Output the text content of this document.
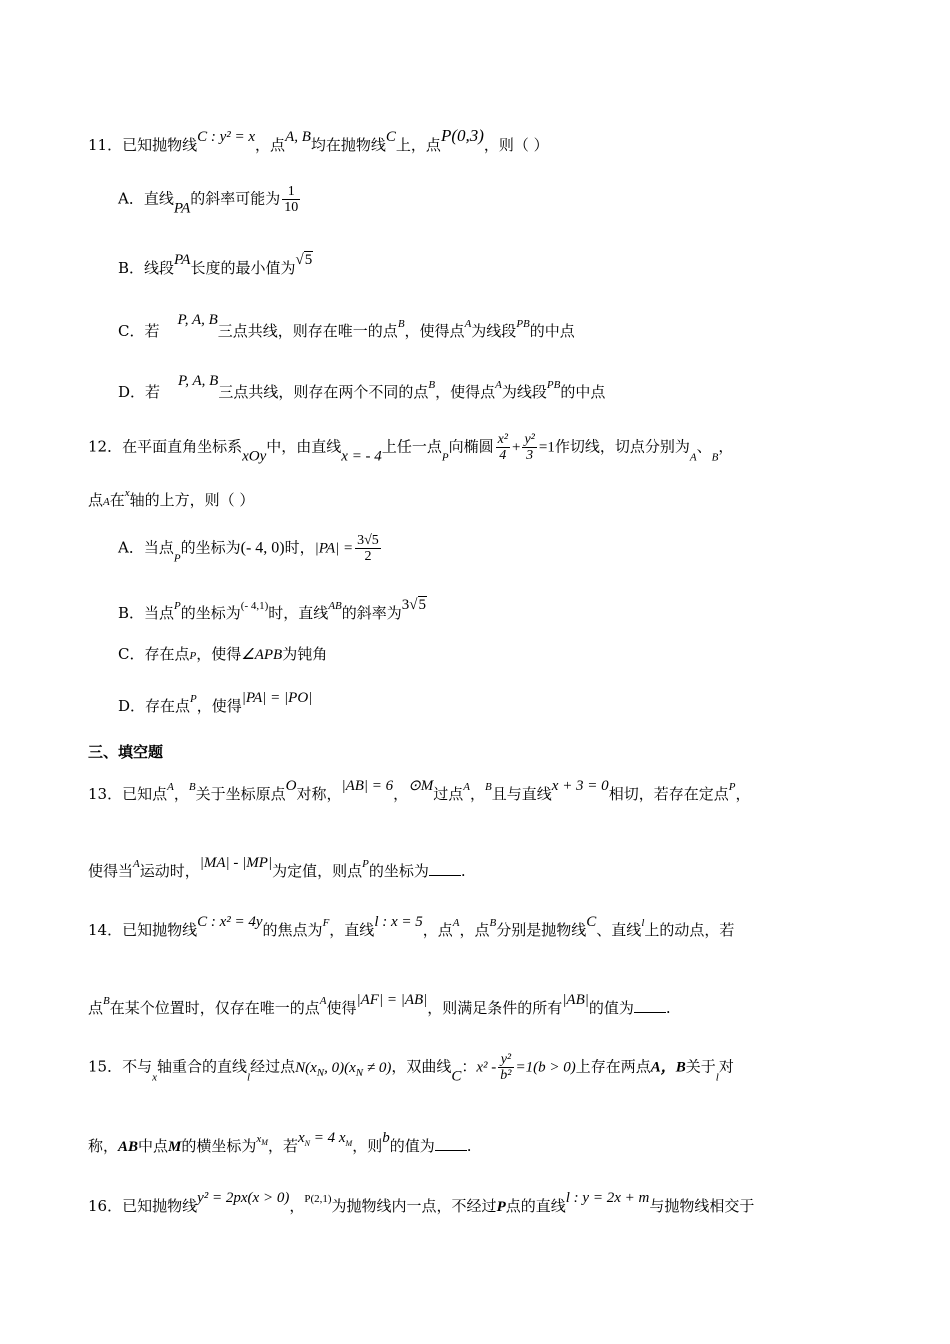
11．已知抛物线C : y² = x，点A, B均在抛物线C上，点P(0,3)，则（ ）
A．直线PA的斜率可能为 $\frac{1}{10}$
B．线段PA长度的最小值为√5
C．若P, A, B三点共线，则存在唯一的点$^B$，使得点$^A$为线段$^{PB}$的中点
D．若P, A, B三点共线，则存在两个不同的点$^B$，使得点$^A$为线段$^{PB}$的中点
12．在平面直角坐标系xOy中，由直线x = - 4上任一点$_P$向椭圆 $\frac{\text{x²}}{4} + \frac{\text{y²}}{3} =1$作切线，切点分别为$_A$、$_B$，
点A在$^x$轴的上方，则（ ）
A．当点$_P$的坐标为(- 4, 0)时，$|PA| = \frac{3√5}{2}$
B．当点$^P$的坐标为$^{(- 4,1)}$时，直线$^{AB}$的斜率为3√5
C．存在点P，使得∠APB为钝角
D．存在点$^P$，使得|PA| = |PO|
三、填空题
13．已知点$^A$，$^B$关于坐标原点O对称，|AB| = 6，⊙M过点$^A$，$^B$且与直线x + 3 = 0相切，若存在定点$^P$，
使得当$^A$运动时，|MA| - |MP|为定值，则点$^P$的坐标为 .
14．已知抛物线C : x² = 4y的焦点为$^F$，直线l : x = 5，点$^A$，点$^B$分别是抛物线C、直线$^l$上的动点，若
点$^B$在某个位置时，仅存在唯一的点$^A$使得|AF| = |AB|，则满足条件的所有|AB|的值为 .
15．不与$_x$轴重合的直线$_l$经过点$N(x_N$, $0)(x_N \ne 0)$，双曲线C：$x^2 - \frac{\text{y²}}{\text{b²}} =1(b > 0)$上存在两点A，B关于$_l$对
称，AB中点M的横坐标为$^{x_M}$，若$x_N = 4$ $x_M$，则b的值为 .
16．已知抛物线y² = 2px(x > 0)，$^{P(2,1)}$为抛物线内一点，不经过P点的直线l : y = 2x + m与抛物线相交于
